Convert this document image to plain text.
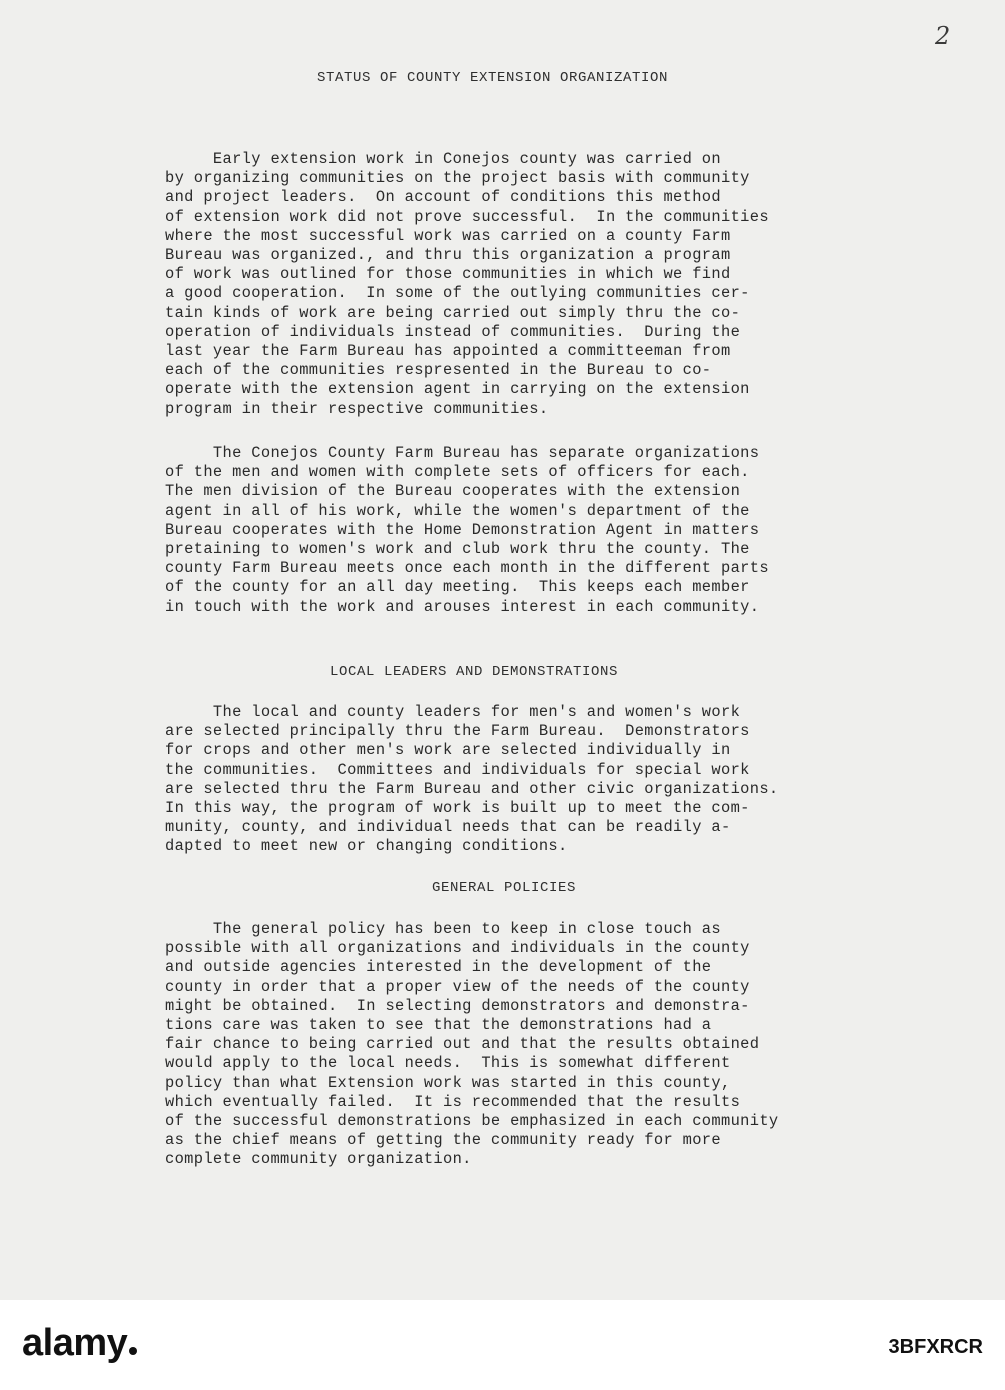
2
STATUS OF COUNTY EXTENSION ORGANIZATION

Early extension work in Conejos county was carried on
by organizing communities on the project basis with community
and project leaders.  On account of conditions this method
of extension work did not prove successful.  In the communities
where the most successful work was carried on a county Farm
Bureau was organized., and thru this organization a program
of work was outlined for those communities in which we find
a good cooperation.  In some of the outlying communities cer-
tain kinds of work are being carried out simply thru the co-
operation of individuals instead of communities.  During the
last year the Farm Bureau has appointed a committeeman from
each of the communities respresented in the Bureau to co-
operate with the extension agent in carrying on the extension
program in their respective communities.

The Conejos County Farm Bureau has separate organizations
of the men and women with complete sets of officers for each.
The men division of the Bureau cooperates with the extension
agent in all of his work, while the women's department of the
Bureau cooperates with the Home Demonstration Agent in matters
pretaining to women's work and club work thru the county. The
county Farm Bureau meets once each month in the different parts
of the county for an all day meeting.  This keeps each member
in touch with the work and arouses interest in each community.

LOCAL LEADERS AND DEMONSTRATIONS

The local and county leaders for men's and women's work
are selected principally thru the Farm Bureau.  Demonstrators
for crops and other men's work are selected individually in
the communities.  Committees and individuals for special work
are selected thru the Farm Bureau and other civic organizations.
In this way, the program of work is built up to meet the com-
munity, county, and individual needs that can be readily a-
dapted to meet new or changing conditions.

GENERAL POLICIES

The general policy has been to keep in close touch as
possible with all organizations and individuals in the county
and outside agencies interested in the development of the
county in order that a proper view of the needs of the county
might be obtained.  In selecting demonstrators and demonstra-
tions care was taken to see that the demonstrations had a
fair chance to being carried out and that the results obtained
would apply to the local needs.  This is somewhat different
policy than what Extension work was started in this county,
which eventually failed.  It is recommended that the results
of the successful demonstrations be emphasized in each community
as the chief means of getting the community ready for more
complete community organization.

alamy	3BFXRCR
